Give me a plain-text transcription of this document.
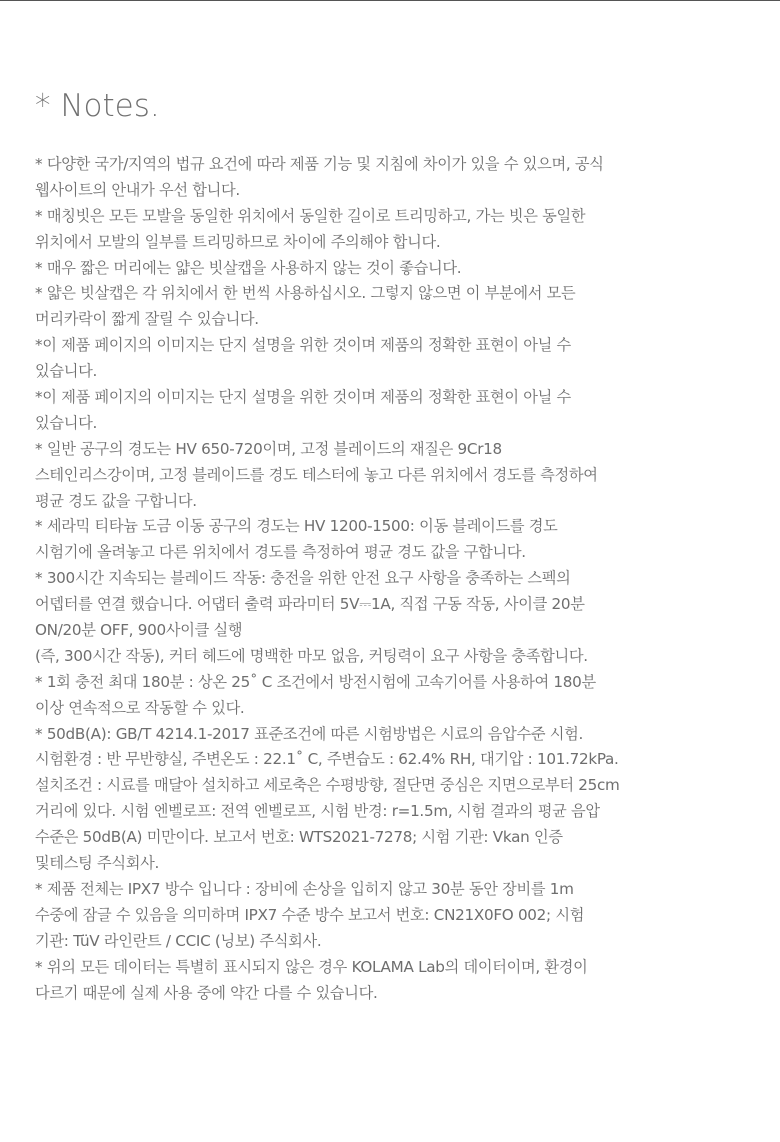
* Notes.
* 다양한 국가/지역의 법규 요건에 따라 제품 기능 및 지침에 차이가 있을 수 있으며, 공식
웹사이트의 안내가 우선 합니다.
* 매칭빗은 모든 모발을 동일한 위치에서 동일한 길이로 트리밍하고, 가는 빗은 동일한
위치에서 모발의 일부를 트리밍하므로 차이에 주의해야 합니다.
* 매우 짧은 머리에는 얇은 빗살캡을 사용하지 않는 것이 좋습니다.
* 얇은 빗살캡은 각 위치에서 한 번씩 사용하십시오. 그렇지 않으면 이 부분에서 모든
머리카락이 짧게 잘릴 수 있습니다.
*이 제품 페이지의 이미지는 단지 설명을 위한 것이며 제품의 정확한 표현이 아닐 수
있습니다.
*이 제품 페이지의 이미지는 단지 설명을 위한 것이며 제품의 정확한 표현이 아닐 수
있습니다.
* 일반 공구의 경도는 HV 650-720이며, 고정 블레이드의 재질은 9Cr18
스테인리스강이며, 고정 블레이드를 경도 테스터에 놓고 다른 위치에서 경도를 측정하여
평균 경도 값을 구합니다.
* 세라믹 티타늄 도금 이동 공구의 경도는 HV 1200-1500: 이동 블레이드를 경도
시험기에 올려놓고 다른 위치에서 경도를 측정하여 평균 경도 값을 구합니다.
* 300시간 지속되는 블레이드 작동: 충전을 위한 안전 요구 사항을 충족하는 스펙의
어뎁터를 연결 했습니다. 어댑터 출력 파라미터 5V⎓1A, 직접 구동 작동, 사이클 20분
ON/20분 OFF, 900사이클 실행
(즉, 300시간 작동), 커터 헤드에 명백한 마모 없음, 커팅력이 요구 사항을 충족합니다.
* 1회 충전 최대 180분 : 상온 25˚ C 조건에서 방전시험에 고속기어를 사용하여 180분
이상 연속적으로 작동할 수 있다.
* 50dB(A): GB/T 4214.1-2017 표준조건에 따른 시험방법은 시료의 음압수준 시험.
시험환경 : 반 무반향실, 주변온도 : 22.1˚ C, 주변습도 : 62.4% RH, 대기압 : 101.72kPa.
설치조건 : 시료를 매달아 설치하고 세로축은 수평방향, 절단면 중심은 지면으로부터 25cm
거리에 있다. 시험 엔벨로프: 전역 엔벨로프, 시험 반경: r=1.5m, 시험 결과의 평균 음압
수준은 50dB(A) 미만이다. 보고서 번호: WTS2021-7278; 시험 기관: Vkan 인증
및테스팅 주식회사.
* 제품 전체는 IPX7 방수 입니다 : 장비에 손상을 입히지 않고 30분 동안 장비를 1m
수중에 잠글 수 있음을 의미하며 IPX7 수준 방수 보고서 번호: CN21X0FO 002; 시험
기관: TüV 라인란트 / CCIC (닝보) 주식회사.
* 위의 모든 데이터는 특별히 표시되지 않은 경우 KOLAMA Lab의 데이터이며, 환경이
다르기 때문에 실제 사용 중에 약간 다를 수 있습니다.
